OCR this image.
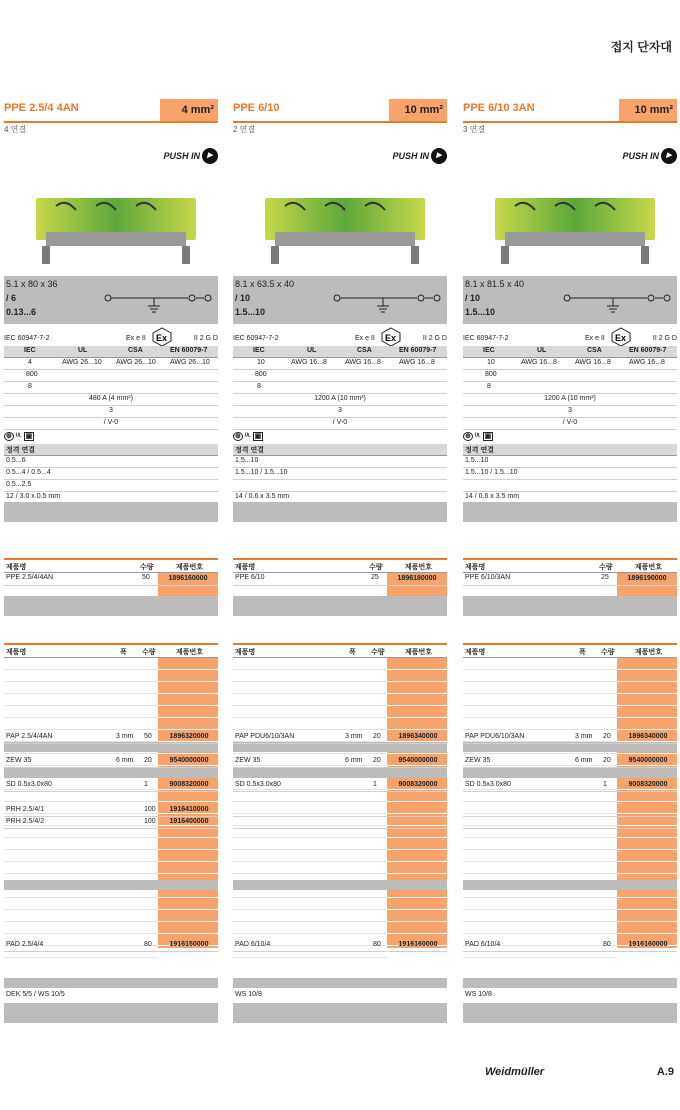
접지 단자대
PPE 2.5/4 4AN	4 mm²
4 연결
PUSH IN	▶
5.1 x 80 x 36
/ 6
0.13...6
IEC 60947-7-2	Ex e II Ex	II 2 G D
IEC	UL	CSA	EN 60079-7
4	AWG 26...10 AWG 26...10 AWG 26...10
800
8
480 A (4 mm²)
3
/ V-0
⊕ ᵁᴸ ▣
정격 연결
0.5...6
0.5...4 / 0.5...4
0.5...2.5
12 / 3.0 x 0.5 mm
제품명	수량	제품번호
PPE 2.5/4/4AN	50	1896160000
제품명	폭 수량	제품번호
PAP 2.5/4/4AN	3 mm 50	1896320000
ZEW 35	6 mm 20	9540000000
SD 0.5x3.0x80	1	9008320000
PRH 2.5/4/1	100	1916410000
PRH 2.5/4/2	100	1916400000
PAD 2.5/4/4	80	1916150000
DEK 5/5 / WS 10/5
PPE 6/10	10 mm²
2 연결
PUSH IN	▶
8.1 x 63.5 x 40
/ 10
1.5...10
IEC 60947-7-2	Ex e II Ex	II 2 G D
IEC	UL	CSA	EN 60079-7
10	AWG 16...8	AWG 16...8	AWG 16...8
800
8
1200 A (10 mm²)
3
/ V-0
⊕ ᵁᴸ ▣
정격 연결
1.5...10
1.5...10 / 1.5...10
14 / 0.6 x 3.5 mm
제품명	수량	제품번호
PPE 6/10	25	1896180000
제품명	폭 수량	제품번호
PAP PDU6/10/3AN	3 mm 20	1896340000
ZEW 35	6 mm 20	9540000000
SD 0.5x3.0x80	1	9008320000
PAD 6/10/4	80	1916160000
WS 10/8
PPE 6/10 3AN	10 mm²
3 연결
PUSH IN	▶
8.1 x 81.5 x 40
/ 10
1.5...10
IEC 60947-7-2	Ex e II Ex	II 2 G D
IEC	UL	CSA	EN 60079-7
10	AWG 16...8	AWG 16...8	AWG 16...8
800
8
1200 A (10 mm²)
3
/ V-0
⊕ ᵁᴸ ▣
정격 연결
1.5...10
1.5...10 / 1.5...10
14 / 0.6 x 3.5 mm
제품명	수량	제품번호
PPE 6/10/3AN	25	1896190000
제품명	폭 수량	제품번호
PAP PDU6/10/3AN	3 mm 20	1896340000
ZEW 35	6 mm 20	9540000000
SD 0.5x3.0x80	1	9008320000
PAD 6/10/4	80	1916160000
WS 10/8
Weidmüller	A.9
